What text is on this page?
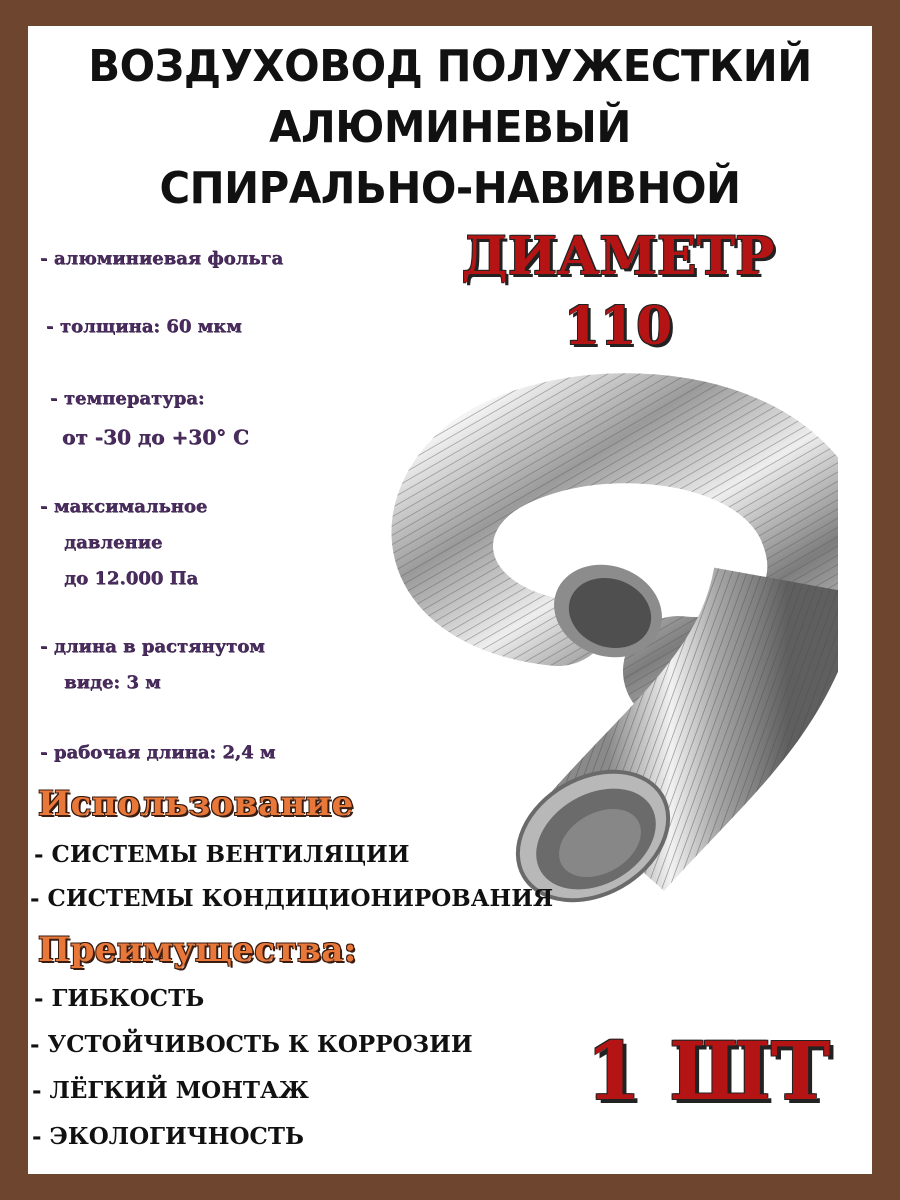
ВОЗДУХОВОД ПОЛУЖЕСТКИЙ
АЛЮМИНЕВЫЙ
СПИРАЛЬНО-НАВИВНОЙ
ДИАМЕТР
110
- алюминиевая фольга
- толщина: 60 мкм
- температура:
от -30 до +30° С
- максимальное
давление
до 12.000 Па
- длина в растянутом
виде: 3 м
- рабочая длина: 2,4 м
Использование
- СИСТЕМЫ ВЕНТИЛЯЦИИ
- СИСТЕМЫ КОНДИЦИОНИРОВАНИЯ
Преимущества:
- ГИБКОСТЬ
- УСТОЙЧИВОСТЬ К КОРРОЗИИ
- ЛЁГКИЙ МОНТАЖ
- ЭКОЛОГИЧНОСТЬ
1 ШТ
